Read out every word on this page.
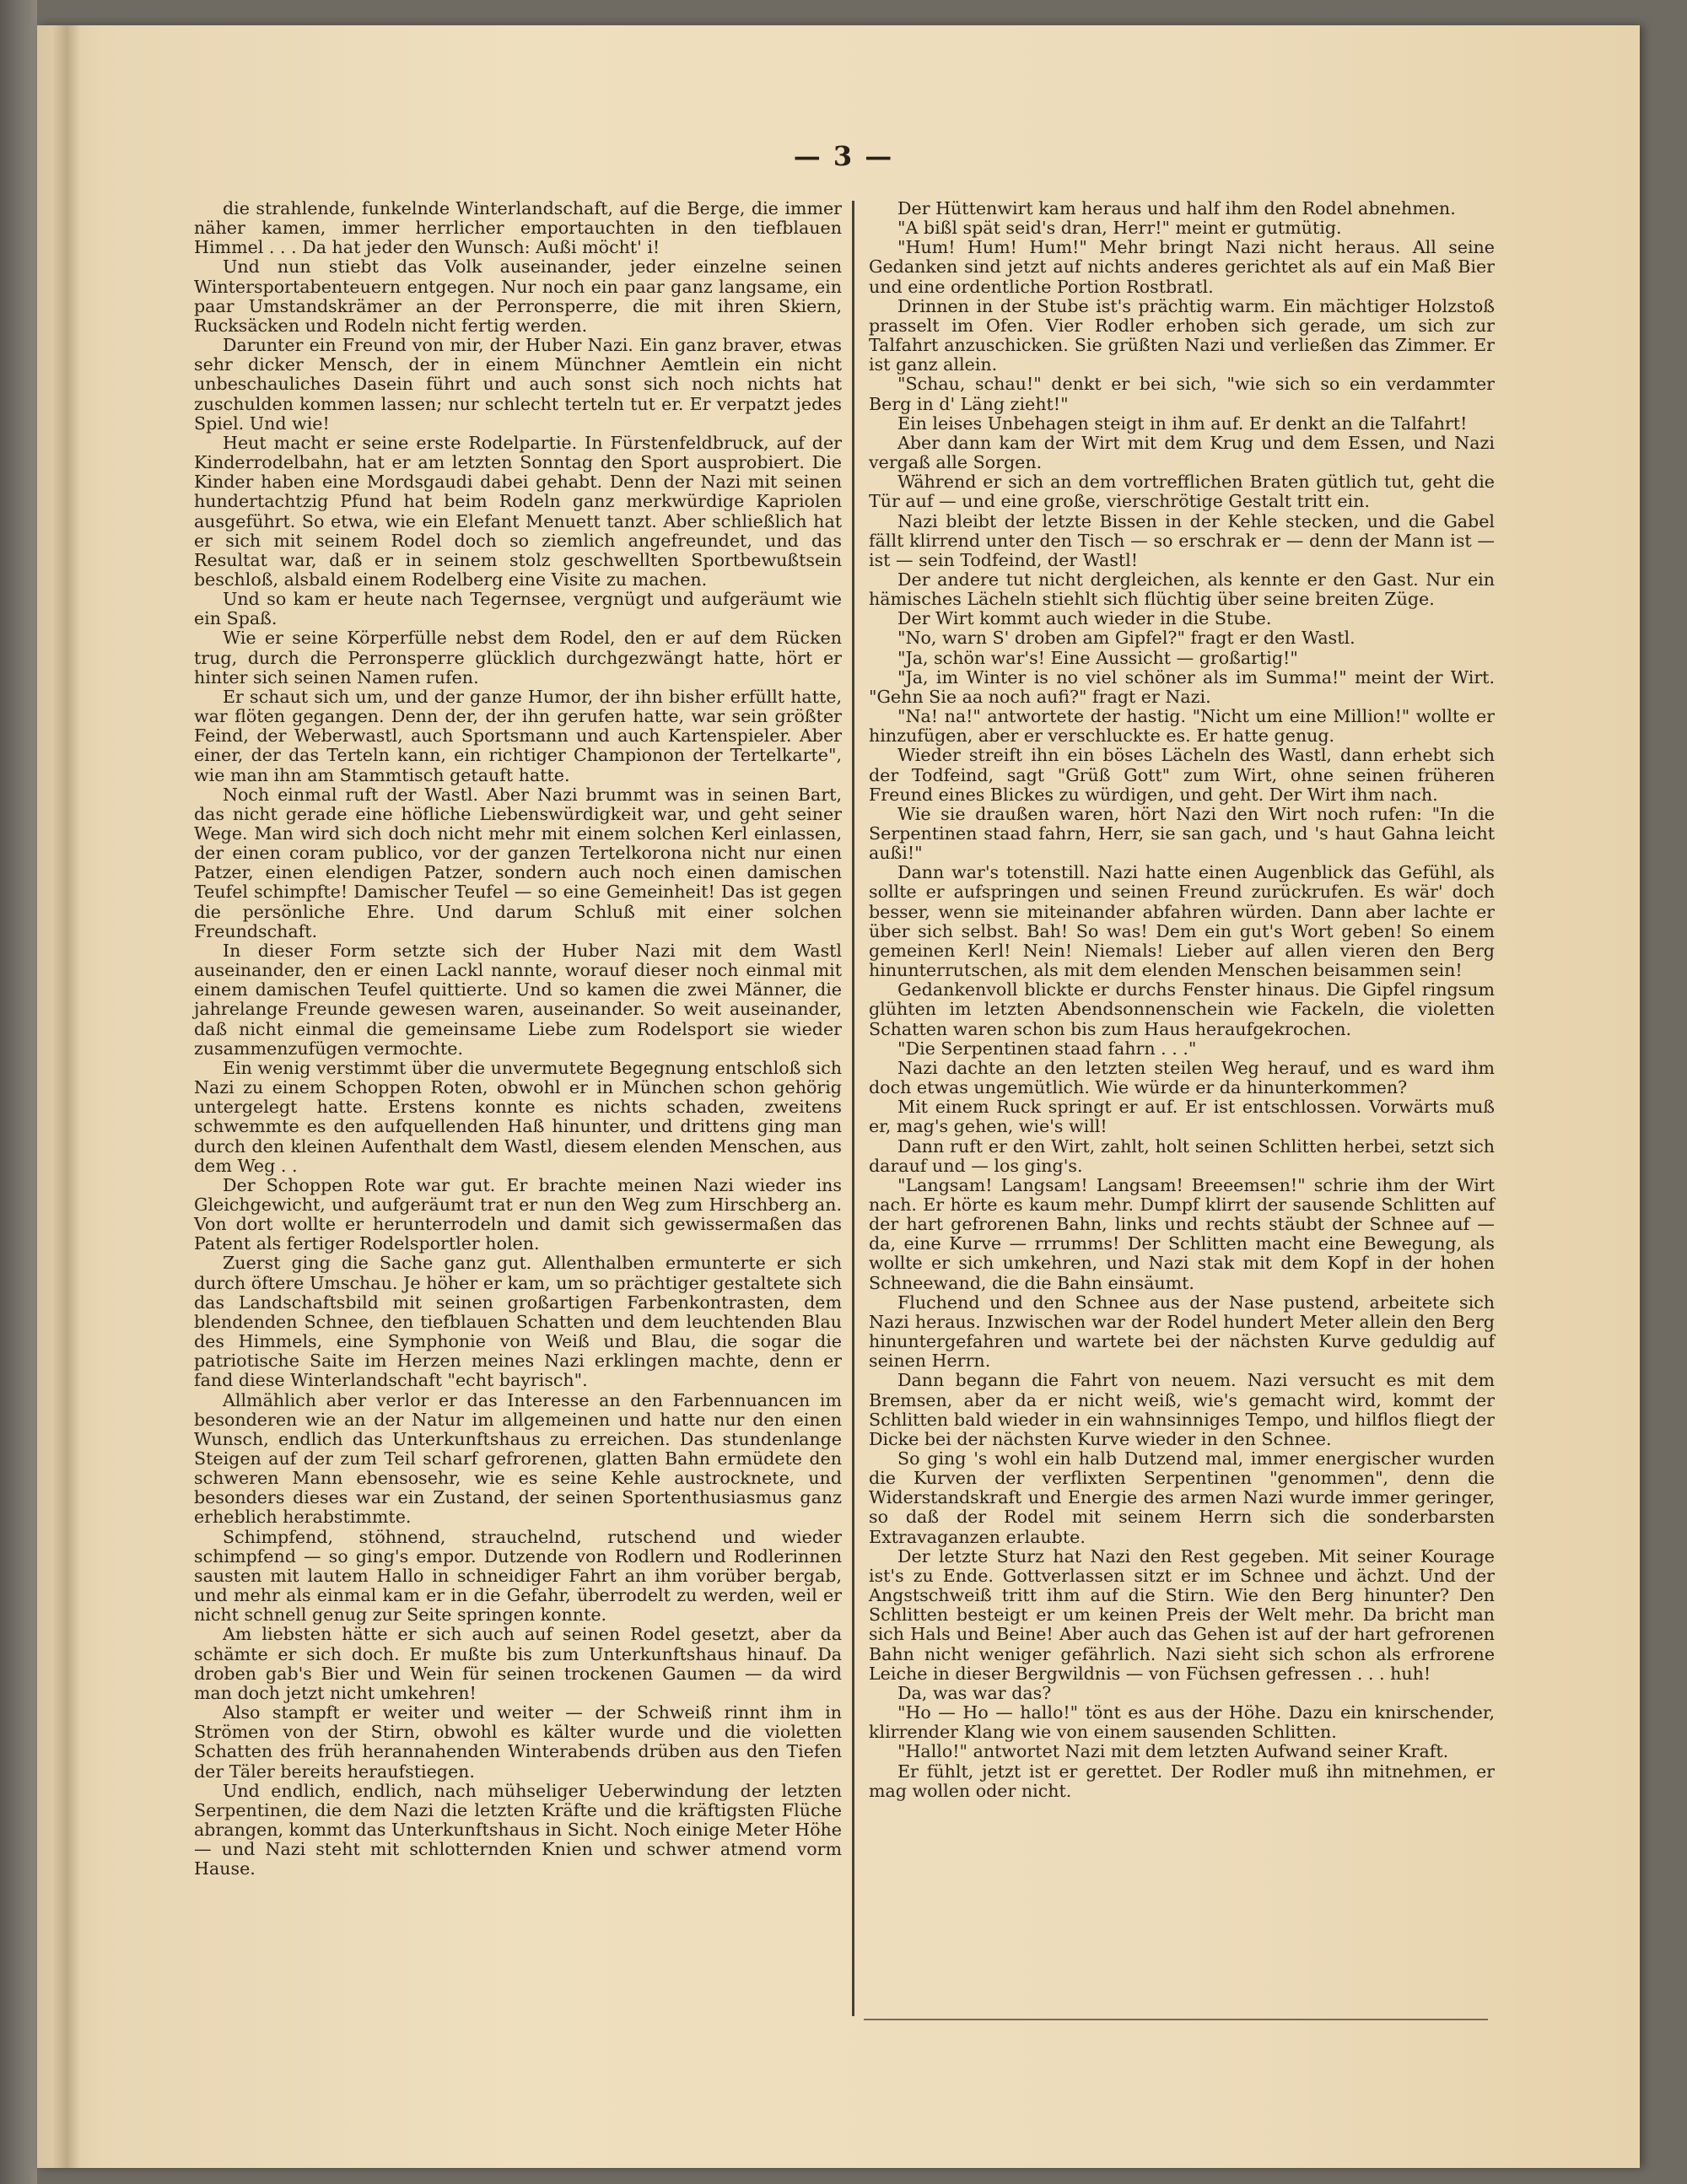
— 3 —

die strahlende, funkelnde Winterlandschaft, auf die Berge, die immer näher kamen, immer herrlicher emportauchten in den tiefblauen Himmel . . . Da hat jeder den Wunsch: Außi möcht' i!

Und nun stiebt das Volk auseinander, jeder einzelne seinen Wintersportabenteuern entgegen. Nur noch ein paar ganz langsame, ein paar Umstandskrämer an der Perronsperre, die mit ihren Skiern, Rucksäcken und Rodeln nicht fertig werden.

Darunter ein Freund von mir, der Huber Nazi. Ein ganz braver, etwas sehr dicker Mensch, der in einem Münchner Aemtlein ein nicht unbeschauliches Dasein führt und auch sonst sich noch nichts hat zuschulden kommen lassen; nur schlecht terteln tut er. Er verpatzt jedes Spiel. Und wie!

Heut macht er seine erste Rodelpartie. In Fürstenfeldbruck, auf der Kinderrodelbahn, hat er am letzten Sonntag den Sport ausprobiert. Die Kinder haben eine Mordsgaudi dabei gehabt. Denn der Nazi mit seinen hundertachtzig Pfund hat beim Rodeln ganz merkwürdige Kapriolen ausgeführt. So etwa, wie ein Elefant Menuett tanzt. Aber schließlich hat er sich mit seinem Rodel doch so ziemlich angefreundet, und das Resultat war, daß er in seinem stolz geschwellten Sportbewußtsein beschloß, alsbald einem Rodelberg eine Visite zu machen.

Und so kam er heute nach Tegernsee, vergnügt und aufgeräumt wie ein Spaß.

Wie er seine Körperfülle nebst dem Rodel, den er auf dem Rücken trug, durch die Perronsperre glücklich durchgezwängt hatte, hört er hinter sich seinen Namen rufen.

Er schaut sich um, und der ganze Humor, der ihn bisher erfüllt hatte, war flöten gegangen. Denn der, der ihn gerufen hatte, war sein größter Feind, der Weberwastl, auch Sportsmann und auch Kartenspieler. Aber einer, der das Terteln kann, ein richtiger Championon der Tertelkarte", wie man ihn am Stammtisch getauft hatte.

Noch einmal ruft der Wastl. Aber Nazi brummt was in seinen Bart, das nicht gerade eine höfliche Liebenswürdigkeit war, und geht seiner Wege. Man wird sich doch nicht mehr mit einem solchen Kerl einlassen, der einen coram publico, vor der ganzen Tertelkorona nicht nur einen Patzer, einen elendigen Patzer, sondern auch noch einen damischen Teufel schimpfte! Damischer Teufel — so eine Gemeinheit! Das ist gegen die persönliche Ehre. Und darum Schluß mit einer solchen Freundschaft.

In dieser Form setzte sich der Huber Nazi mit dem Wastl auseinander, den er einen Lackl nannte, worauf dieser noch einmal mit einem damischen Teufel quittierte. Und so kamen die zwei Männer, die jahrelange Freunde gewesen waren, auseinander. So weit auseinander, daß nicht einmal die gemeinsame Liebe zum Rodelsport sie wieder zusammenzufügen vermochte.

Ein wenig verstimmt über die unvermutete Begegnung entschloß sich Nazi zu einem Schoppen Roten, obwohl er in München schon gehörig untergelegt hatte. Erstens konnte es nichts schaden, zweitens schwemmte es den aufquellenden Haß hinunter, und drittens ging man durch den kleinen Aufenthalt dem Wastl, diesem elenden Menschen, aus dem Weg . .

Der Schoppen Rote war gut. Er brachte meinen Nazi wieder ins Gleichgewicht, und aufgeräumt trat er nun den Weg zum Hirschberg an. Von dort wollte er herunterrodeln und damit sich gewissermaßen das Patent als fertiger Rodelsportler holen.

Zuerst ging die Sache ganz gut. Allenthalben ermunterte er sich durch öftere Umschau. Je höher er kam, um so prächtiger gestaltete sich das Landschaftsbild mit seinen großartigen Farbenkontrasten, dem blendenden Schnee, den tiefblauen Schatten und dem leuchtenden Blau des Himmels, eine Symphonie von Weiß und Blau, die sogar die patriotische Saite im Herzen meines Nazi erklingen machte, denn er fand diese Winterlandschaft "echt bayrisch".

Allmählich aber verlor er das Interesse an den Farbennuancen im besonderen wie an der Natur im allgemeinen und hatte nur den einen Wunsch, endlich das Unterkunftshaus zu erreichen. Das stundenlange Steigen auf der zum Teil scharf gefrorenen, glatten Bahn ermüdete den schweren Mann ebensosehr, wie es seine Kehle austrocknete, und besonders dieses war ein Zustand, der seinen Sportenthusiasmus ganz erheblich herabstimmte.

Schimpfend, stöhnend, strauchelnd, rutschend und wieder schimpfend — so ging's empor. Dutzende von Rodlern und Rodlerinnen sausten mit lautem Hallo in schneidiger Fahrt an ihm vorüber bergab, und mehr als einmal kam er in die Gefahr, überrodelt zu werden, weil er nicht schnell genug zur Seite springen konnte.

Am liebsten hätte er sich auch auf seinen Rodel gesetzt, aber da schämte er sich doch. Er mußte bis zum Unterkunftshaus hinauf. Da droben gab's Bier und Wein für seinen trockenen Gaumen — da wird man doch jetzt nicht umkehren!

Also stampft er weiter und weiter — der Schweiß rinnt ihm in Strömen von der Stirn, obwohl es kälter wurde und die violetten Schatten des früh herannahenden Winterabends drüben aus den Tiefen der Täler bereits heraufstiegen.

Und endlich, endlich, nach mühseliger Ueberwindung der letzten Serpentinen, die dem Nazi die letzten Kräfte und die kräftigsten Flüche abrangen, kommt das Unterkunftshaus in Sicht. Noch einige Meter Höhe — und Nazi steht mit schlotternden Knien und schwer atmend vorm Hause.

Der Hüttenwirt kam heraus und half ihm den Rodel abnehmen.

"A bißl spät seid's dran, Herr!" meint er gutmütig.

"Hum! Hum! Hum!" Mehr bringt Nazi nicht heraus. All seine Gedanken sind jetzt auf nichts anderes gerichtet als auf ein Maß Bier und eine ordentliche Portion Rostbratl.

Drinnen in der Stube ist's prächtig warm. Ein mächtiger Holzstoß prasselt im Ofen. Vier Rodler erhoben sich gerade, um sich zur Talfahrt anzuschicken. Sie grüßten Nazi und verließen das Zimmer. Er ist ganz allein.

"Schau, schau!" denkt er bei sich, "wie sich so ein verdammter Berg in d' Läng zieht!"

Ein leises Unbehagen steigt in ihm auf. Er denkt an die Talfahrt!

Aber dann kam der Wirt mit dem Krug und dem Essen, und Nazi vergaß alle Sorgen.

Während er sich an dem vortrefflichen Braten gütlich tut, geht die Tür auf — und eine große, vierschrötige Gestalt tritt ein.

Nazi bleibt der letzte Bissen in der Kehle stecken, und die Gabel fällt klirrend unter den Tisch — so erschrak er — denn der Mann ist — ist — sein Todfeind, der Wastl!

Der andere tut nicht dergleichen, als kennte er den Gast. Nur ein hämisches Lächeln stiehlt sich flüchtig über seine breiten Züge.

Der Wirt kommt auch wieder in die Stube.

"No, warn S' droben am Gipfel?" fragt er den Wastl.

"Ja, schön war's! Eine Aussicht — großartig!"

"Ja, im Winter is no viel schöner als im Summa!" meint der Wirt. "Gehn Sie aa noch aufi?" fragt er Nazi.

"Na! na!" antwortete der hastig. "Nicht um eine Million!" wollte er hinzufügen, aber er verschluckte es. Er hatte genug.

Wieder streift ihn ein böses Lächeln des Wastl, dann erhebt sich der Todfeind, sagt "Grüß Gott" zum Wirt, ohne seinen früheren Freund eines Blickes zu würdigen, und geht. Der Wirt ihm nach.

Wie sie draußen waren, hört Nazi den Wirt noch rufen: "In die Serpentinen staad fahrn, Herr, sie san gach, und 's haut Gahna leicht außi!"

Dann war's totenstill. Nazi hatte einen Augenblick das Gefühl, als sollte er aufspringen und seinen Freund zurückrufen. Es wär' doch besser, wenn sie miteinander abfahren würden. Dann aber lachte er über sich selbst. Bah! So was! Dem ein gut's Wort geben! So einem gemeinen Kerl! Nein! Niemals! Lieber auf allen vieren den Berg hinunterrutschen, als mit dem elenden Menschen beisammen sein!

Gedankenvoll blickte er durchs Fenster hinaus. Die Gipfel ringsum glühten im letzten Abendsonnenschein wie Fackeln, die violetten Schatten waren schon bis zum Haus heraufgekrochen.

"Die Serpentinen staad fahrn . . ."

Nazi dachte an den letzten steilen Weg herauf, und es ward ihm doch etwas ungemütlich. Wie würde er da hinunterkommen?

Mit einem Ruck springt er auf. Er ist entschlossen. Vorwärts muß er, mag's gehen, wie's will!

Dann ruft er den Wirt, zahlt, holt seinen Schlitten herbei, setzt sich darauf und — los ging's.

"Langsam! Langsam! Langsam! Breeemsen!" schrie ihm der Wirt nach. Er hörte es kaum mehr. Dumpf klirrt der sausende Schlitten auf der hart gefrorenen Bahn, links und rechts stäubt der Schnee auf — da, eine Kurve — rrrumms! Der Schlitten macht eine Bewegung, als wollte er sich umkehren, und Nazi stak mit dem Kopf in der hohen Schneewand, die die Bahn einsäumt.

Fluchend und den Schnee aus der Nase pustend, arbeitete sich Nazi heraus. Inzwischen war der Rodel hundert Meter allein den Berg hinuntergefahren und wartete bei der nächsten Kurve geduldig auf seinen Herrn.

Dann begann die Fahrt von neuem. Nazi versucht es mit dem Bremsen, aber da er nicht weiß, wie's gemacht wird, kommt der Schlitten bald wieder in ein wahnsinniges Tempo, und hilflos fliegt der Dicke bei der nächsten Kurve wieder in den Schnee.

So ging 's wohl ein halb Dutzend mal, immer energischer wurden die Kurven der verflixten Serpentinen "genommen", denn die Widerstandskraft und Energie des armen Nazi wurde immer geringer, so daß der Rodel mit seinem Herrn sich die sonderbarsten Extravaganzen erlaubte.

Der letzte Sturz hat Nazi den Rest gegeben. Mit seiner Kourage ist's zu Ende. Gottverlassen sitzt er im Schnee und ächzt. Und der Angstschweiß tritt ihm auf die Stirn. Wie den Berg hinunter? Den Schlitten besteigt er um keinen Preis der Welt mehr. Da bricht man sich Hals und Beine! Aber auch das Gehen ist auf der hart gefrorenen Bahn nicht weniger gefährlich. Nazi sieht sich schon als erfrorene Leiche in dieser Bergwildnis — von Füchsen gefressen . . . huh!

Da, was war das?

"Ho — Ho — hallo!" tönt es aus der Höhe. Dazu ein knirschender, klirrender Klang wie von einem sausenden Schlitten.

"Hallo!" antwortet Nazi mit dem letzten Aufwand seiner Kraft.

Er fühlt, jetzt ist er gerettet. Der Rodler muß ihn mitnehmen, er mag wollen oder nicht.
